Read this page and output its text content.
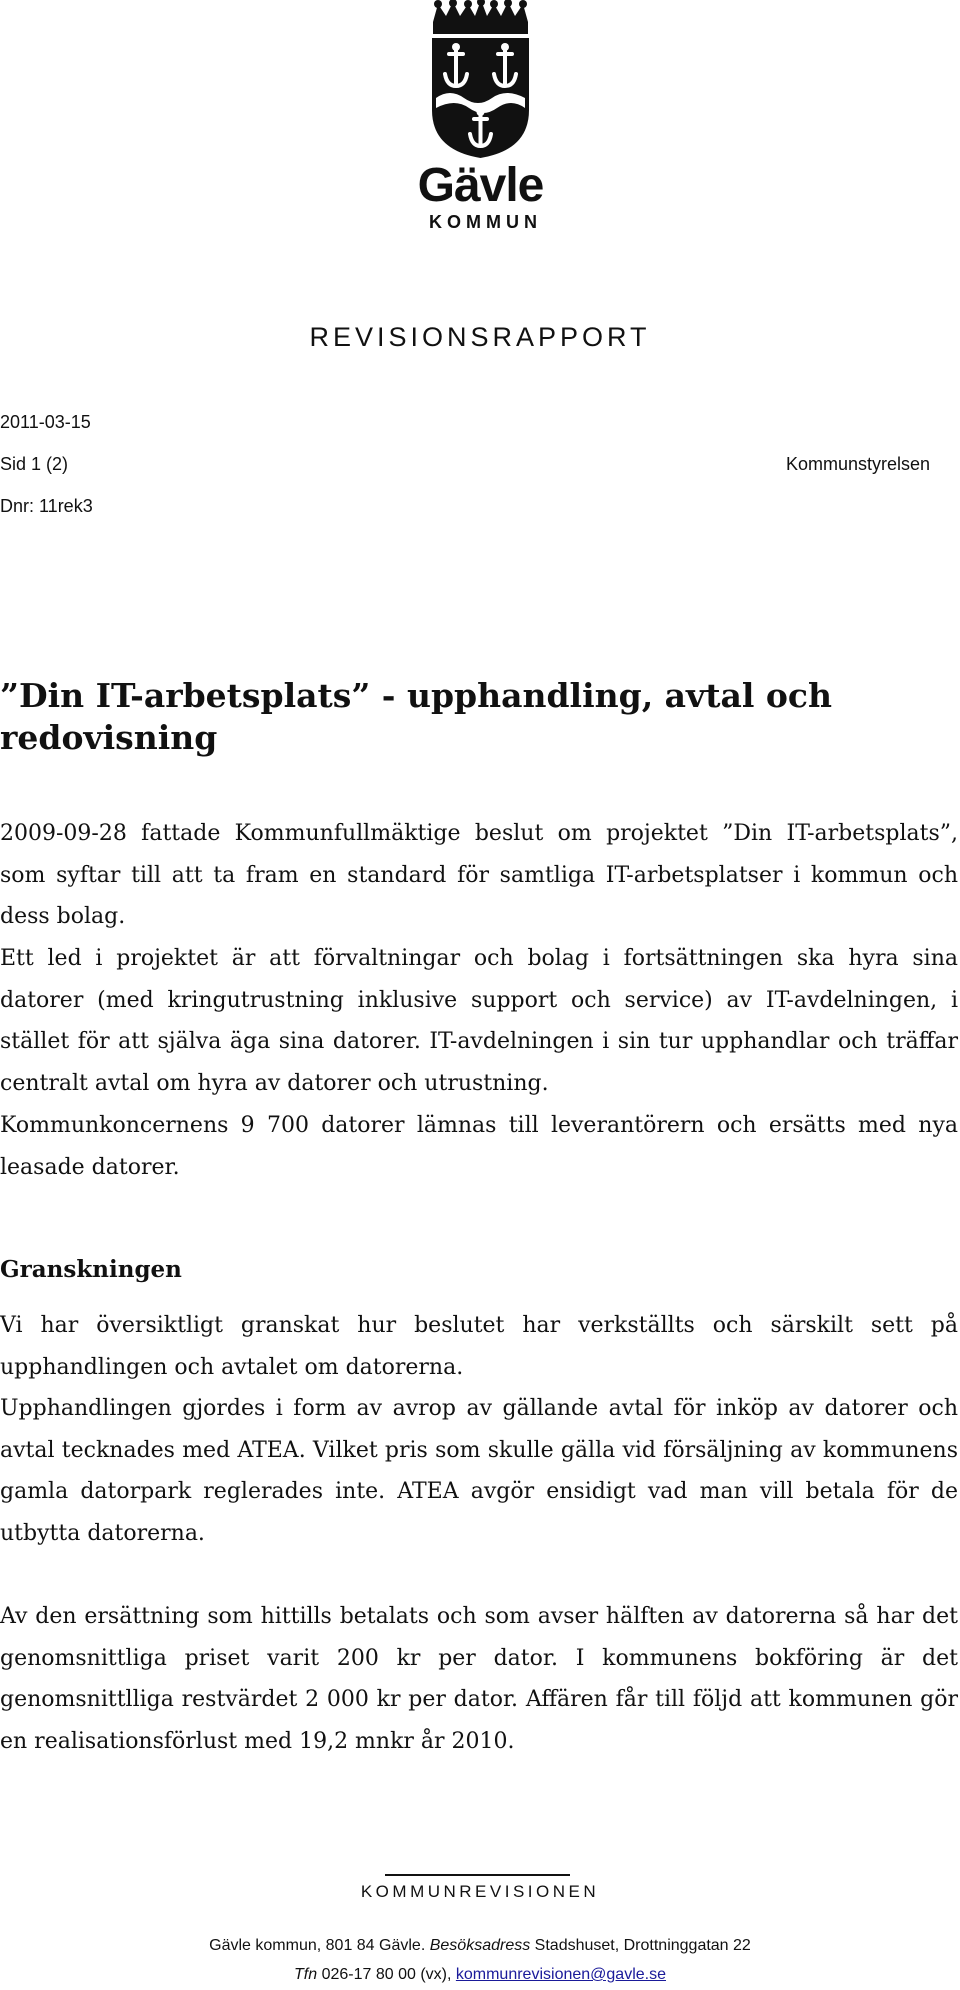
Gävle
KOMMUN
REVISIONSRAPPORT
2011-03-15
Sid 1 (2)
Dnr: 11rek3
Kommunstyrelsen
”Din IT-arbetsplats” - upphandling, avtal och redovisning
2009-09-28 fattade Kommunfullmäktige beslut om projektet ”Din IT-arbetsplats”, som syftar till att ta fram en standard för samtliga IT-arbetsplatser i kommun och dess bolag.
Ett led i projektet är att förvaltningar och bolag i fortsättningen ska hyra sina datorer (med kringutrustning inklusive support och service) av IT-avdelningen, i stället för att själva äga sina datorer. IT-avdelningen i sin tur upphandlar och träffar centralt avtal om hyra av datorer och utrustning.
Kommunkoncernens 9 700 datorer lämnas till leverantörern och ersätts med nya leasade datorer.
Granskningen
Vi har översiktligt granskat hur beslutet har verkställts och särskilt sett på upphandlingen och avtalet om datorerna.
Upphandlingen gjordes i form av avrop av gällande avtal för inköp av datorer och avtal tecknades med ATEA. Vilket pris som skulle gälla vid försäljning av kommunens gamla datorpark reglerades inte. ATEA avgör ensidigt vad man vill betala för de utbytta datorerna.
Av den ersättning som hittills betalats och som avser hälften av datorerna så har det genomsnittliga priset varit 200 kr per dator. I kommunens bokföring är det genomsnittlliga restvärdet 2 000 kr per dator. Affären får till följd att kommunen gör en realisationsförlust med 19,2 mnkr år 2010.
KOMMUNREVISIONEN
Gävle kommun, 801 84 Gävle. Besöksadress Stadshuset, Drottninggatan 22
Tfn 026-17 80 00 (vx), kommunrevisionen@gavle.se
